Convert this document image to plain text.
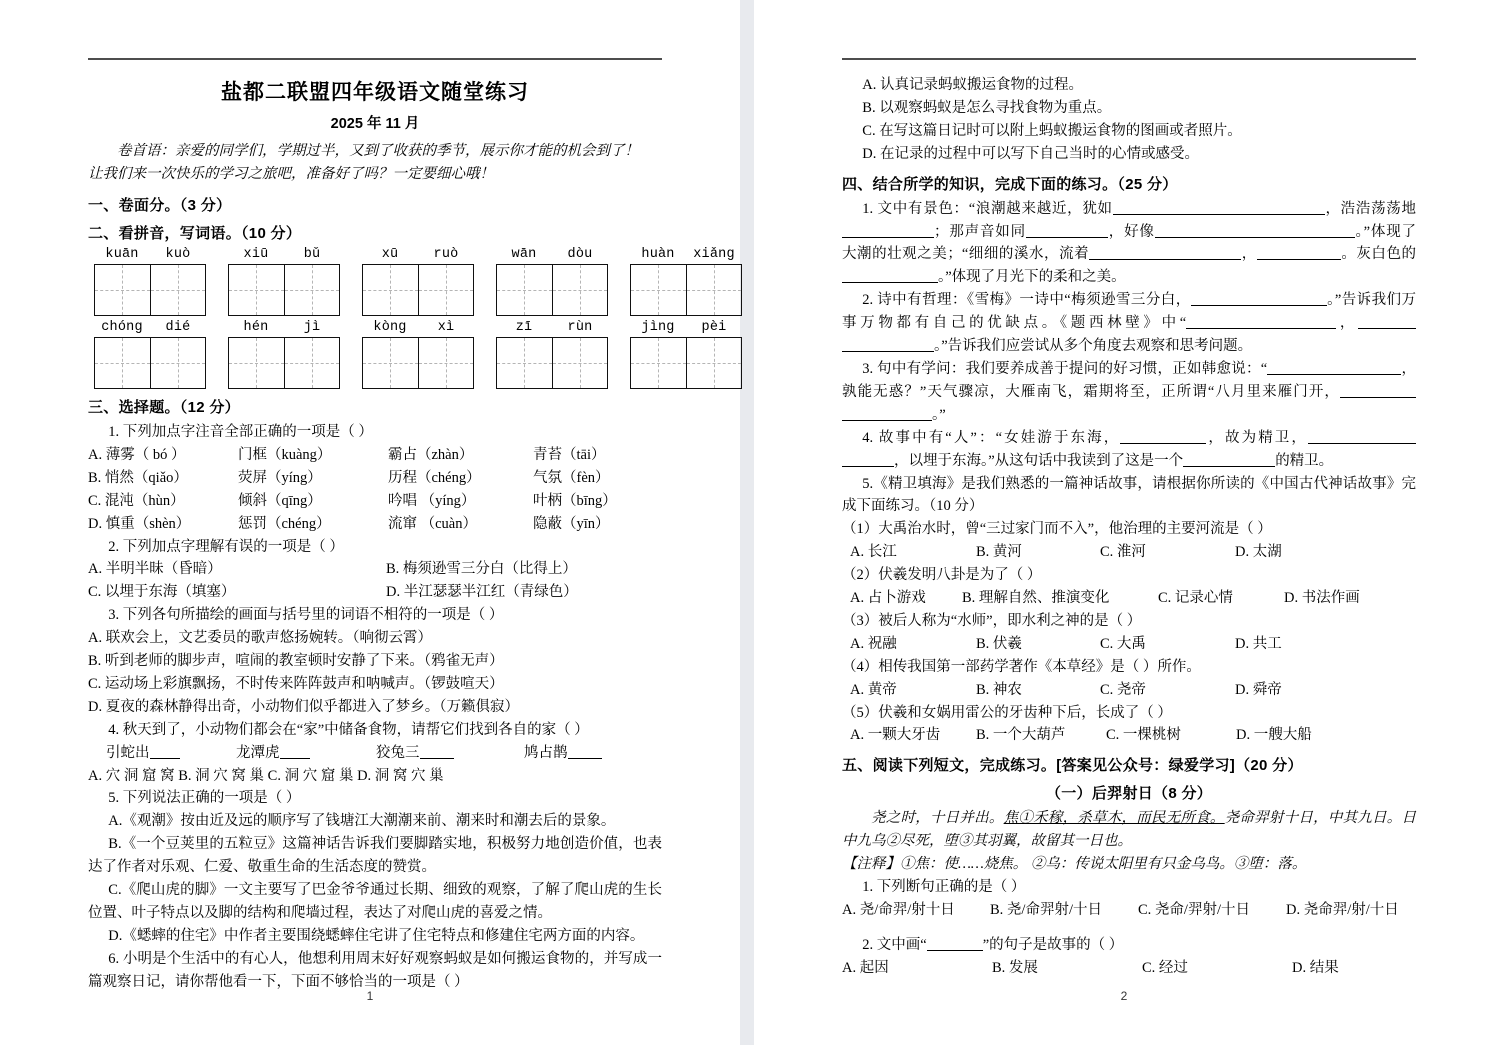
盐都二联盟四年级语文随堂练习
2025 年 11 月
卷首语：亲爱的同学们，学期过半，又到了收获的季节，展示你才能的机会到了！
让我们来一次快乐的学习之旅吧，准备好了吗？一定要细心哦！
一、卷面分。（3 分）
二、看拼音，写词语。（10 分）
kuān	kuò	xiū	bǔ	xū	ruò	wān	dòu	huàn	xiǎng
chóng	dié	hén	jì	kòng	xì	zī	rùn	jìng	pèi
三、选择题。（12 分）
1. 下列加点字注音全部正确的一项是（ ）
A. 薄雾（ bó ）	门框（kuàng）	霸占（zhàn）	青苔（tāi）
B. 悄然（qiǎo）	荧屏（yíng）	历程（chéng）	气氛（fèn）
C. 混沌（hùn）	倾斜（qīng）	吟唱 （yíng）	叶柄（bīng）
D. 慎重（shèn）	惩罚（chéng）	流窜 （cuàn）	隐蔽（yīn）
2. 下列加点字理解有误的一项是（ ）
A. 半明半昧（昏暗）	B. 梅须逊雪三分白（比得上）
C. 以埋于东海（填塞）	D. 半江瑟瑟半江红（青绿色）
3. 下列各句所描绘的画面与括号里的词语不相符的一项是（ ）
A. 联欢会上，文艺委员的歌声悠扬婉转。（响彻云霄）
B. 听到老师的脚步声，喧闹的教室顿时安静了下来。（鸦雀无声）
C. 运动场上彩旗飘扬，不时传来阵阵鼓声和呐喊声。（锣鼓喧天）
D. 夏夜的森林静得出奇，小动物们似乎都进入了梦乡。（万籁俱寂）
4. 秋天到了，小动物们都会在“家”中储备食物，请帮它们找到各自的家（ ）
引蛇出	龙潭虎	狡兔三	鸠占鹊
A. 穴 洞 窟 窝 B. 洞 穴 窝 巢 C. 洞 穴 窟 巢 D. 洞 窝 穴 巢
5. 下列说法正确的一项是（ ）
A.《观潮》按由近及远的顺序写了钱塘江大潮潮来前、潮来时和潮去后的景象。
B.《一个豆荚里的五粒豆》这篇神话告诉我们要脚踏实地，积极努力地创造价值，也表达了作者对乐观、仁爱、敬重生命的生活态度的赞赏。
C.《爬山虎的脚》一文主要写了巴金爷爷通过长期、细致的观察，了解了爬山虎的生长位置、叶子特点以及脚的结构和爬墙过程，表达了对爬山虎的喜爱之情。
D.《蟋蟀的住宅》中作者主要围绕蟋蟀住宅讲了住宅特点和修建住宅两方面的内容。
6. 小明是个生活中的有心人，他想利用周末好好观察蚂蚁是如何搬运食物的，并写成一篇观察日记，请你帮他看一下，下面不够恰当的一项是（ ）
1
A. 认真记录蚂蚁搬运食物的过程。
B. 以观察蚂蚁是怎么寻找食物为重点。
C. 在写这篇日记时可以附上蚂蚁搬运食物的图画或者照片。
D. 在记录的过程中可以写下自己当时的心情或感受。
四、结合所学的知识，完成下面的练习。（25 分）
1. 文中有景色：“浪潮越来越近，犹如	，浩浩荡荡地；那声音如同	，好像	。”体现了大潮的壮观之美；“细细的溪水，流着	，	。灰白色的。”体现了月光下的柔和之美。
2. 诗中有哲理：《雪梅》一诗中“梅须逊雪三分白，	。”告诉我们万事万物都有自己的优缺点。《题西林壁》中“	，。”告诉我们应尝试从多个角度去观察和思考问题。
3. 句中有学问：我们要养成善于提问的好习惯，正如韩愈说：“	，孰能无惑？”天气骤凉，大雁南飞，霜期将至，正所谓“八月里来雁门开，。”
4. 故事中有“人”：“女娃游于东海，	，故为精卫，，以埋于东海。”从这句话中我读到了这是一个	的精卫。
5.《精卫填海》是我们熟悉的一篇神话故事，请根据你所读的《中国古代神话故事》完成下面练习。（10 分）
（1）大禹治水时，曾“三过家门而不入”，他治理的主要河流是（ ）
A. 长江	B. 黄河	C. 淮河	D. 太湖
（2）伏羲发明八卦是为了（ ）
A. 占卜游戏	B. 理解自然、推演变化	C. 记录心情	D. 书法作画
（3）被后人称为“水师”，即水利之神的是（ ）
A. 祝融	B. 伏羲	C. 大禹	D. 共工
（4）相传我国第一部药学著作《本草经》是（ ）所作。
A. 黄帝	B. 神农	C. 尧帝	D. 舜帝
（5）伏羲和女娲用雷公的牙齿种下后，长成了（ ）
A. 一颗大牙齿	B. 一个大葫芦	C. 一棵桃树	D. 一艘大船
五、阅读下列短文，完成练习。[答案见公众号：绿爱学习]（20 分）
（一）后羿射日（8 分）
尧之时，十日并出。焦①禾稼，杀草木，而民无所食。尧命羿射十日，中其九日。日中九乌②尽死，堕③其羽翼，故留其一日也。
【注释】①焦：使……烧焦。 ②乌：传说太阳里有只金乌鸟。③堕：落。
1. 下列断句正确的是（ ）
A. 尧/命羿/射十日	B. 尧/命羿射/十日	C. 尧命/羿射/十日	D. 尧命羿/射/十日
2. 文中画“	”的句子是故事的（ ）
A. 起因	B. 发展	C. 经过	D. 结果
2
